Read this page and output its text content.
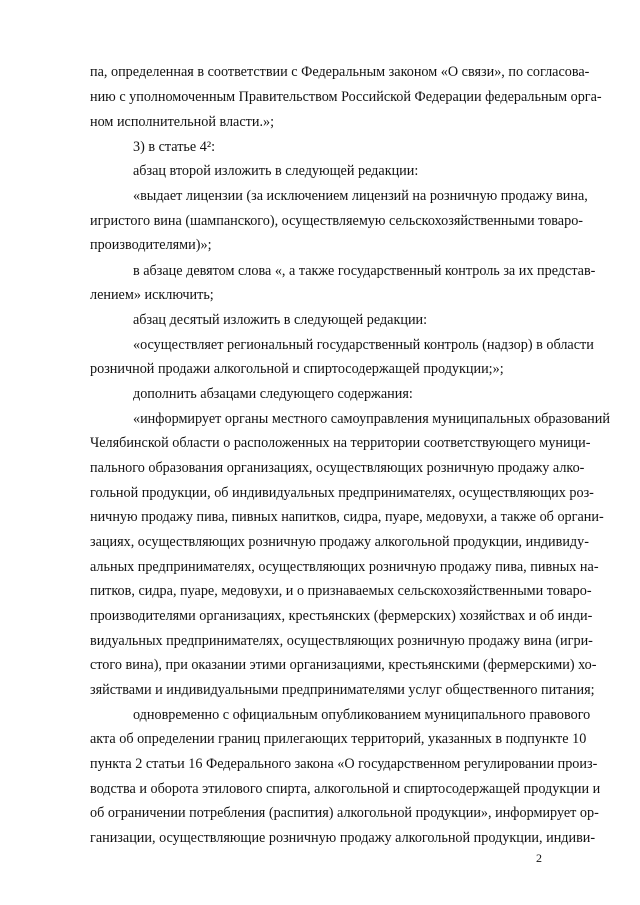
па, определенная в соответствии с Федеральным законом «О связи», по согласова-
нию с уполномоченным Правительством Российской Федерации федеральным орга-
ном исполнительной власти.»;
3) в статье 4²:
абзац второй изложить в следующей редакции:
«выдает лицензии (за исключением лицензий на розничную продажу вина,
игристого вина (шампанского), осуществляемую сельскохозяйственными товаро-
производителями)»;
в абзаце девятом слова «, а также государственный контроль за их представ-
лением» исключить;
абзац десятый изложить в следующей редакции:
«осуществляет региональный государственный контроль (надзор) в области
розничной продажи алкогольной и спиртосодержащей продукции;»;
дополнить абзацами следующего содержания:
«информирует органы местного самоуправления муниципальных образований
Челябинской области о расположенных на территории соответствующего муници-
пального образования организациях, осуществляющих розничную продажу алко-
гольной продукции, об индивидуальных предпринимателях, осуществляющих роз-
ничную продажу пива, пивных напитков, сидра, пуаре, медовухи, а также об органи-
зациях, осуществляющих розничную продажу алкогольной продукции, индивиду-
альных предпринимателях, осуществляющих розничную продажу пива, пивных на-
питков, сидра, пуаре, медовухи, и о признаваемых сельскохозяйственными товаро-
производителями организациях, крестьянских (фермерских) хозяйствах и об инди-
видуальных предпринимателях, осуществляющих розничную продажу вина (игри-
стого вина), при оказании этими организациями, крестьянскими (фермерскими) хо-
зяйствами и индивидуальными предпринимателями услуг общественного питания;
одновременно с официальным опубликованием муниципального правового
акта об определении границ прилегающих территорий, указанных в подпункте 10
пункта 2 статьи 16 Федерального закона «О государственном регулировании произ-
водства и оборота этилового спирта, алкогольной и спиртосодержащей продукции и
об ограничении потребления (распития) алкогольной продукции», информирует ор-
ганизации, осуществляющие розничную продажу алкогольной продукции, индиви-
2
